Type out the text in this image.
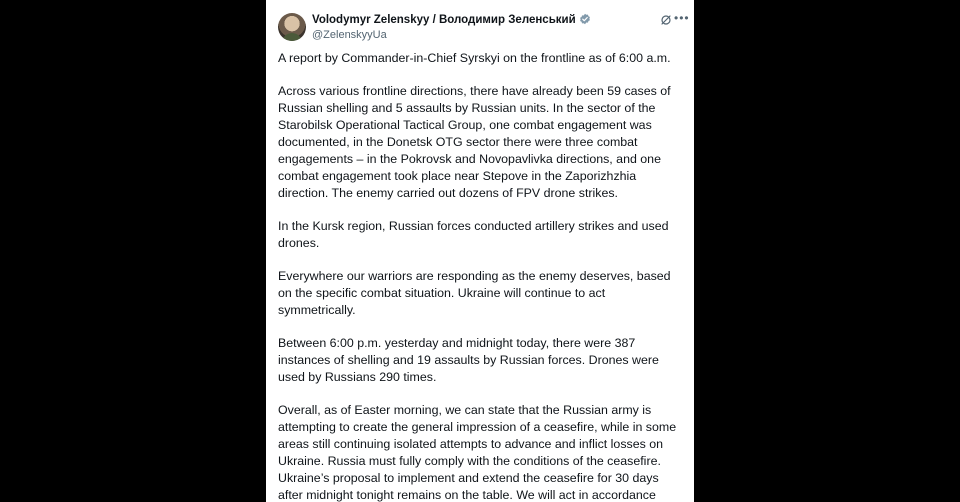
Volodymyr Zelenskyy / Володимир Зеленський
@ZelenskyyUa
•••

A report by Commander-in-Chief Syrskyi on the frontline as of 6:00 a.m.

Across various frontline directions, there have already been 59 cases of Russian shelling and 5 assaults by Russian units. In the sector of the Starobilsk Operational Tactical Group, one combat engagement was documented, in the Donetsk OTG sector there were three combat engagements – in the Pokrovsk and Novopavlivka directions, and one combat engagement took place near Stepove in the Zaporizhzhia direction. The enemy carried out dozens of FPV drone strikes.

In the Kursk region, Russian forces conducted artillery strikes and used drones.

Everywhere our warriors are responding as the enemy deserves, based on the specific combat situation. Ukraine will continue to act symmetrically.

Between 6:00 p.m. yesterday and midnight today, there were 387 instances of shelling and 19 assaults by Russian forces. Drones were used by Russians 290 times.

Overall, as of Easter morning, we can state that the Russian army is attempting to create the general impression of a ceasefire, while in some areas still continuing isolated attempts to advance and inflict losses on Ukraine. Russia must fully comply with the conditions of the ceasefire. Ukraine’s proposal to implement and extend the ceasefire for 30 days after midnight tonight remains on the table. We will act in accordance
